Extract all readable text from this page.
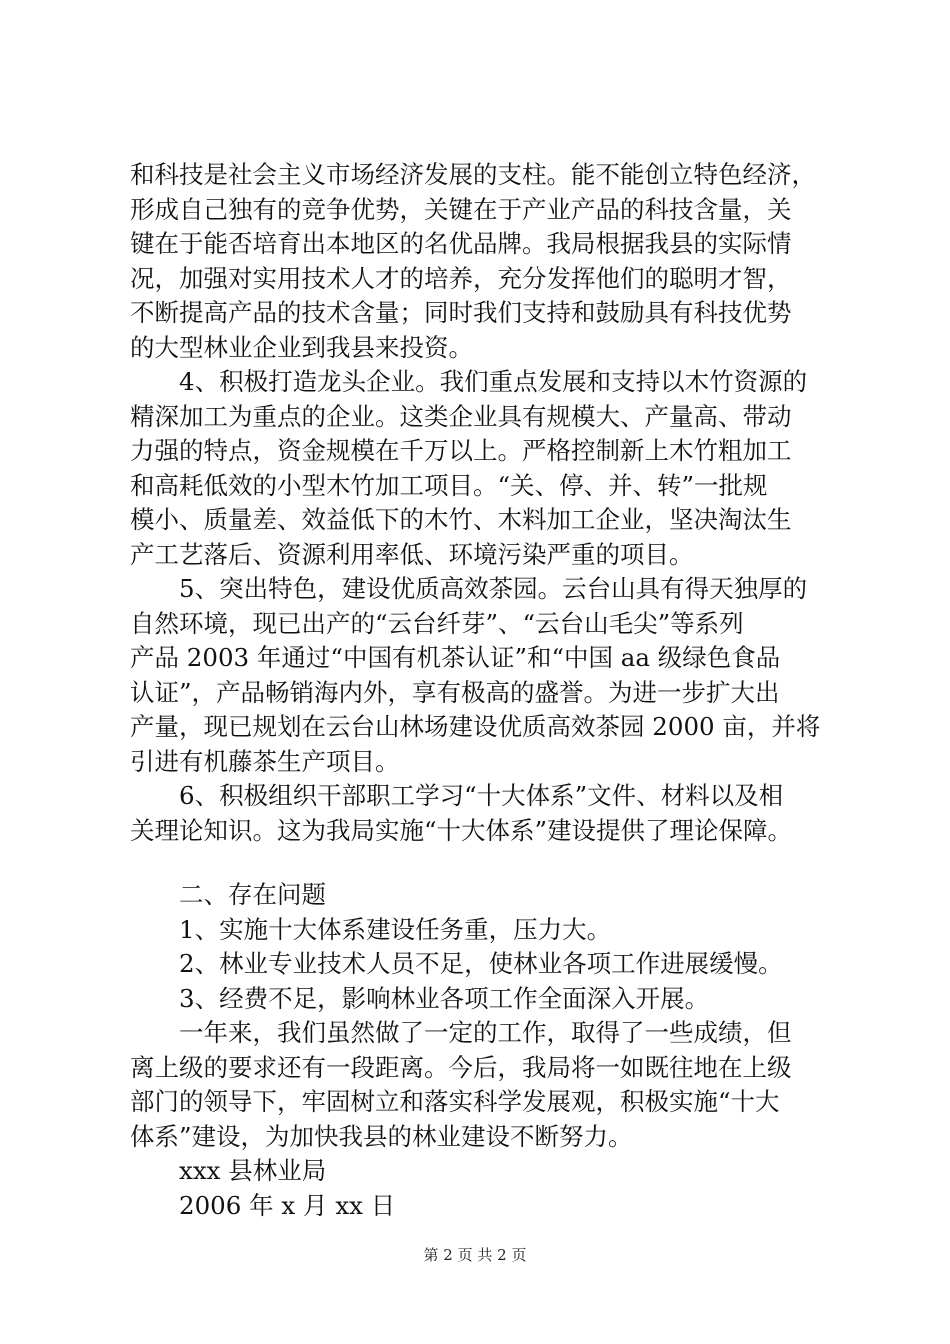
和科技是社会主义市场经济发展的支柱。能不能创立特色经济，
形成自己独有的竞争优势，关键在于产业产品的科技含量，关
键在于能否培育出本地区的名优品牌。我局根据我县的实际情
况，加强对实用技术人才的培养，充分发挥他们的聪明才智，
不断提高产品的技术含量；同时我们支持和鼓励具有科技优势
的大型林业企业到我县来投资。
4、积极打造龙头企业。我们重点发展和支持以木竹资源的
精深加工为重点的企业。这类企业具有规模大、产量高、带动
力强的特点，资金规模在千万以上。严格控制新上木竹粗加工
和高耗低效的小型木竹加工项目。“关、停、并、转”一批规
模小、质量差、效益低下的木竹、木料加工企业，坚决淘汰生
产工艺落后、资源利用率低、环境污染严重的项目。
5、突出特色，建设优质高效茶园。云台山具有得天独厚的
自然环境，现已出产的“云台纤芽”、“云台山毛尖”等系列
产品 2003 年通过“中国有机茶认证”和“中国 aa 级绿色食品
认证”，产品畅销海内外，享有极高的盛誉。为进一步扩大出
产量，现已规划在云台山林场建设优质高效茶园 2000 亩，并将
引进有机藤茶生产项目。
6、积极组织干部职工学习“十大体系”文件、材料以及相
关理论知识。这为我局实施“十大体系”建设提供了理论保障。
二、存在问题
1、实施十大体系建设任务重，压力大。
2、林业专业技术人员不足，使林业各项工作进展缓慢。
3、经费不足，影响林业各项工作全面深入开展。
一年来，我们虽然做了一定的工作，取得了一些成绩，但
离上级的要求还有一段距离。今后，我局将一如既往地在上级
部门的领导下，牢固树立和落实科学发展观，积极实施“十大
体系”建设，为加快我县的林业建设不断努力。
xxx 县林业局
2006 年 x 月 xx 日
第 2 页 共 2 页
